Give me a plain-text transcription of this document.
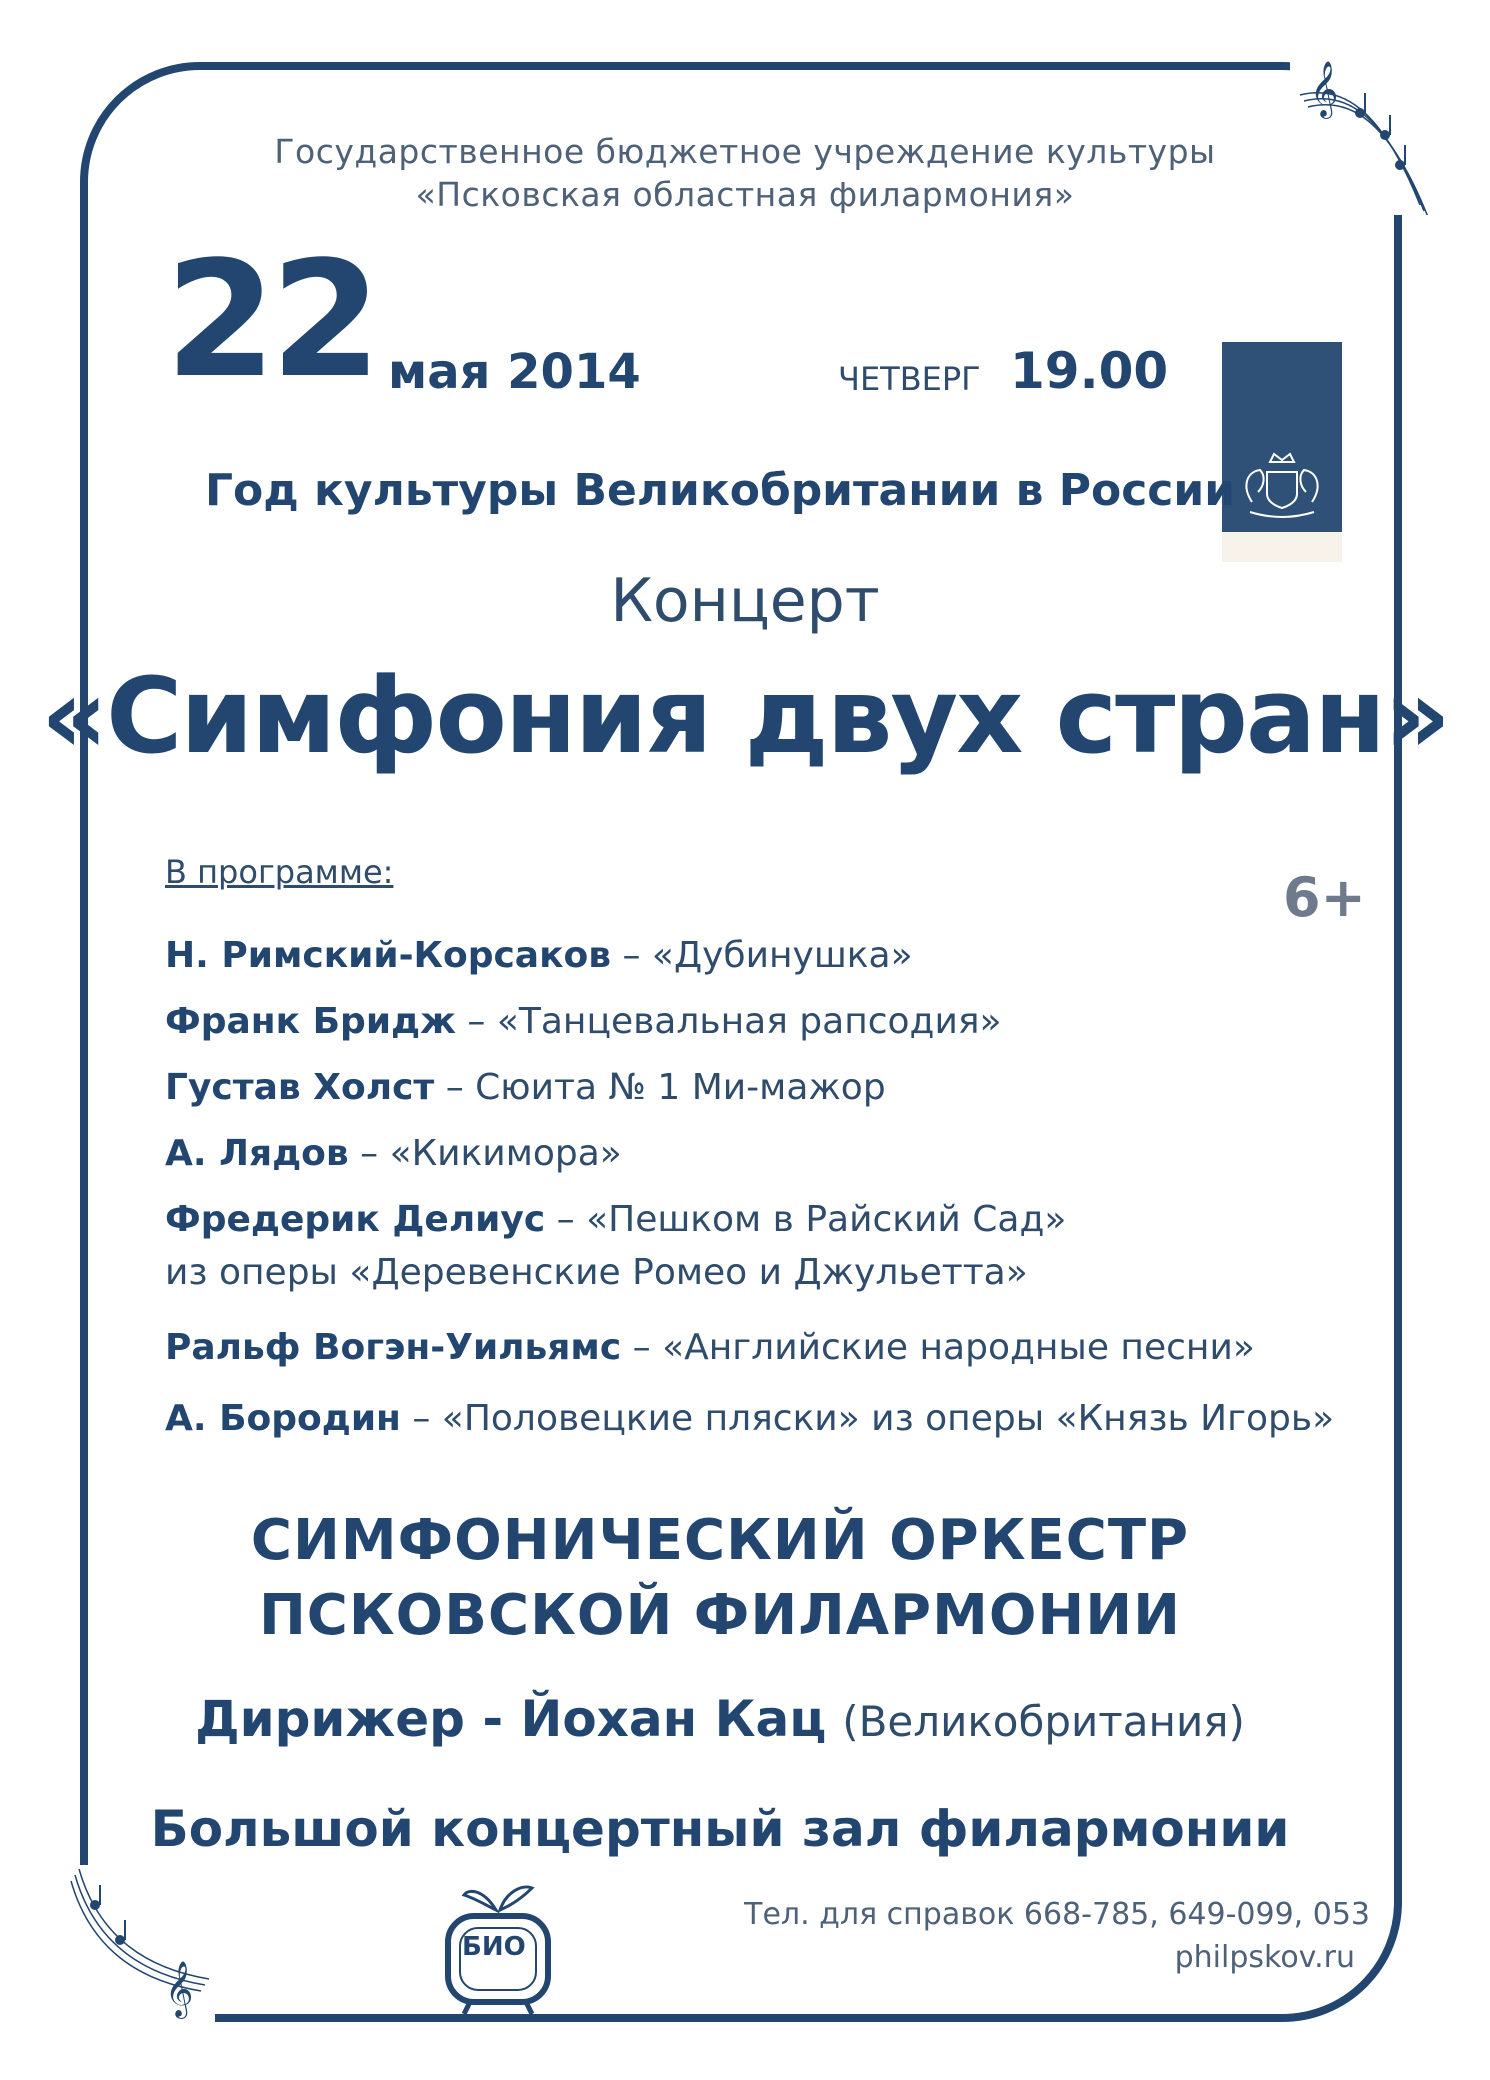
𝄞
𝄞
Государственное бюджетное учреждение культуры
«Псковская областная филармония»
22 мая 2014	ЧЕТВЕРГ 19.00
Год культуры Великобритании в России
Концерт
«Симфония двух стран»
В программе:	6+
Н. Римский-Корсаков – «Дубинушка»
Франк Бридж – «Танцевальная рапсодия»
Густав Холст – Сюита № 1 Ми-мажор
А. Лядов – «Кикимора»
Фредерик Делиус – «Пешком в Райский Сад»
из оперы «Деревенские Ромео и Джульетта»
Ральф Вогэн-Уильямс – «Английские народные песни»
А. Бородин – «Половецкие пляски» из оперы «Князь Игорь»
СИМФОНИЧЕСКИЙ ОРКЕСТР
ПСКОВСКОЙ ФИЛАРМОНИИ
Дирижер - Йохан Кац (Великобритания)
Большой концертный зал филармонии
БИО
Тел. для справок 668-785, 649-099, 053
philpskov.ru
